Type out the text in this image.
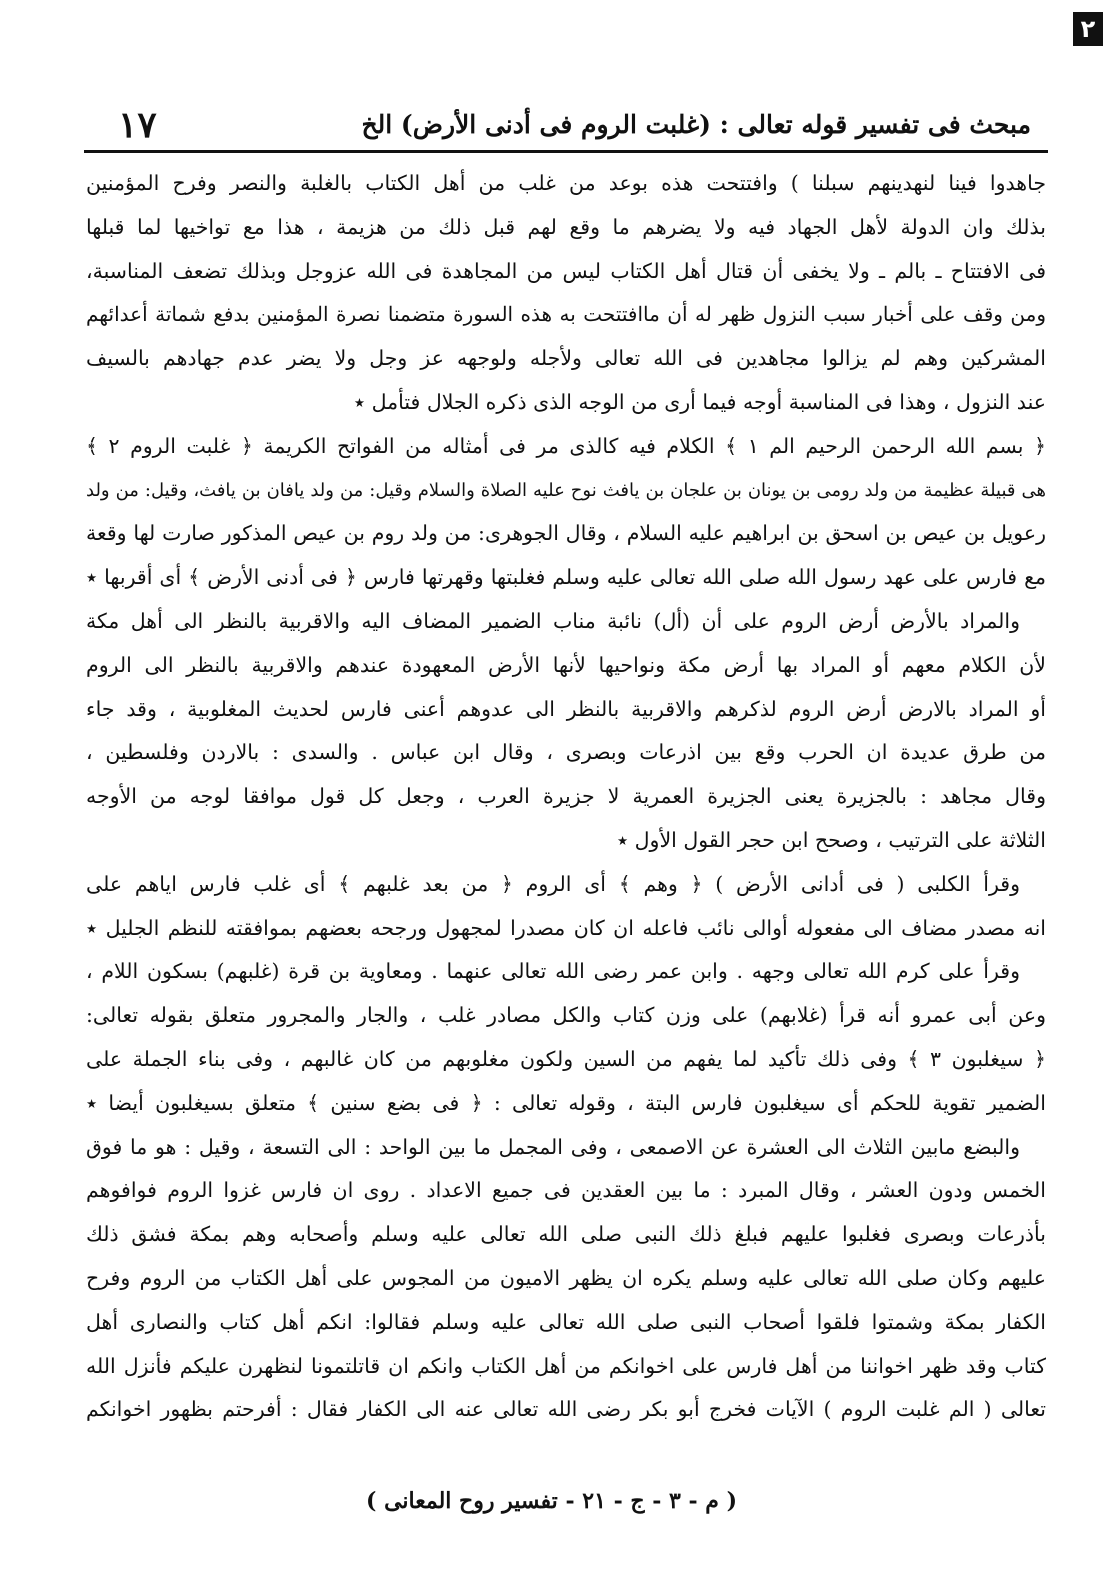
٢
١٧	مبحث فى تفسير قوله تعالى : (غلبت الروم فى أدنى الأرض) الخ
جاهدوا فينا لنهدينهم سبلنا ) وافتتحت هذه بوعد من غلب من أهل الكتاب بالغلبة والنصر وفرح المؤمنين
بذلك وان الدولة لأهل الجهاد فيه ولا يضرهم ما وقع لهم قبل ذلك من هزيمة ، هذا مع تواخيها لما قبلها
فى الافتتاح ـ بالم ـ ولا يخفى أن قتال أهل الكتاب ليس من المجاهدة فى الله عزوجل وبذلك تضعف المناسبة،
ومن وقف على أخبار سبب النزول ظهر له أن ماافتتحت به هذه السورة متضمنا نصرة المؤمنين بدفع شماتة أعدائهم
المشركين وهم لم يزالوا مجاهدين فى الله تعالى ولأجله ولوجهه عز وجل ولا يضر عدم جهادهم بالسيف
عند النزول ، وهذا فى المناسبة أوجه فيما أرى من الوجه الذى ذكره الجلال فتأمل ٭
﴿ بسم الله الرحمن الرحيم الم ١ ﴾ الكلام فيه كالذى مر فى أمثاله من الفواتح الكريمة ﴿ غلبت الروم ٢ ﴾
هى قبيلة عظيمة من ولد رومى بن يونان بن علجان بن يافث نوح عليه الصلاة والسلام وقيل: من ولد يافان بن يافث، وقيل: من ولد
رعويل بن عيص بن اسحق بن ابراهيم عليه السلام ، وقال الجوهرى: من ولد روم بن عيص المذكور صارت لها وقعة
مع فارس على عهد رسول الله صلى الله تعالى عليه وسلم فغلبتها وقهرتها فارس ﴿ فى أدنى الأرض ﴾ أى أقربها ٭
والمراد بالأرض أرض الروم على أن (أل) نائبة مناب الضمير المضاف اليه والاقربية بالنظر الى أهل مكة
لأن الكلام معهم أو المراد بها أرض مكة ونواحيها لأنها الأرض المعهودة عندهم والاقربية بالنظر الى الروم
أو المراد بالارض أرض الروم لذكرهم والاقربية بالنظر الى عدوهم أعنى فارس لحديث المغلوبية ، وقد جاء
من طرق عديدة ان الحرب وقع بين اذرعات وبصرى ، وقال ابن عباس . والسدى : بالاردن وفلسطين ،
وقال مجاهد : بالجزيرة يعنى الجزيرة العمرية لا جزيرة العرب ، وجعل كل قول موافقا لوجه من الأوجه
الثلاثة على الترتيب ، وصحح ابن حجر القول الأول ٭
وقرأ الكلبى ( فى أدانى الأرض ) ﴿ وهم ﴾ أى الروم ﴿ من بعد غلبهم ﴾ أى غلب فارس اياهم على
انه مصدر مضاف الى مفعوله أوالى نائب فاعله ان كان مصدرا لمجهول ورجحه بعضهم بموافقته للنظم الجليل ٭
وقرأ على كرم الله تعالى وجهه . وابن عمر رضى الله تعالى عنهما . ومعاوية بن قرة (غلبهم) بسكون اللام ،
وعن أبى عمرو أنه قرأ (غلابهم) على وزن كتاب والكل مصادر غلب ، والجار والمجرور متعلق بقوله تعالى:
﴿ سيغلبون ٣ ﴾ وفى ذلك تأكيد لما يفهم من السين ولكون مغلوبهم من كان غالبهم ، وفى بناء الجملة على
الضمير تقوية للحكم أى سيغلبون فارس البتة ، وقوله تعالى : ﴿ فى بضع سنين ﴾ متعلق بسيغلبون أيضا ٭
والبضع مابين الثلاث الى العشرة عن الاصمعى ، وفى المجمل ما بين الواحد : الى التسعة ، وقيل : هو ما فوق
الخمس ودون العشر ، وقال المبرد : ما بين العقدين فى جميع الاعداد . روى ان فارس غزوا الروم فوافوهم
بأذرعات وبصرى فغلبوا عليهم فبلغ ذلك النبى صلى الله تعالى عليه وسلم وأصحابه وهم بمكة فشق ذلك
عليهم وكان صلى الله تعالى عليه وسلم يكره ان يظهر الاميون من المجوس على أهل الكتاب من الروم وفرح
الكفار بمكة وشمتوا فلقوا أصحاب النبى صلى الله تعالى عليه وسلم فقالوا: انكم أهل كتاب والنصارى أهل
كتاب وقد ظهر اخواننا من أهل فارس على اخوانكم من أهل الكتاب وانكم ان قاتلتمونا لنظهرن عليكم فأنزل الله
تعالى ( الم غلبت الروم ) الآيات فخرج أبو بكر رضى الله تعالى عنه الى الكفار فقال : أفرحتم بظهور اخوانكم
( م - ٣ - ج - ٢١ - تفسير روح المعانى )
